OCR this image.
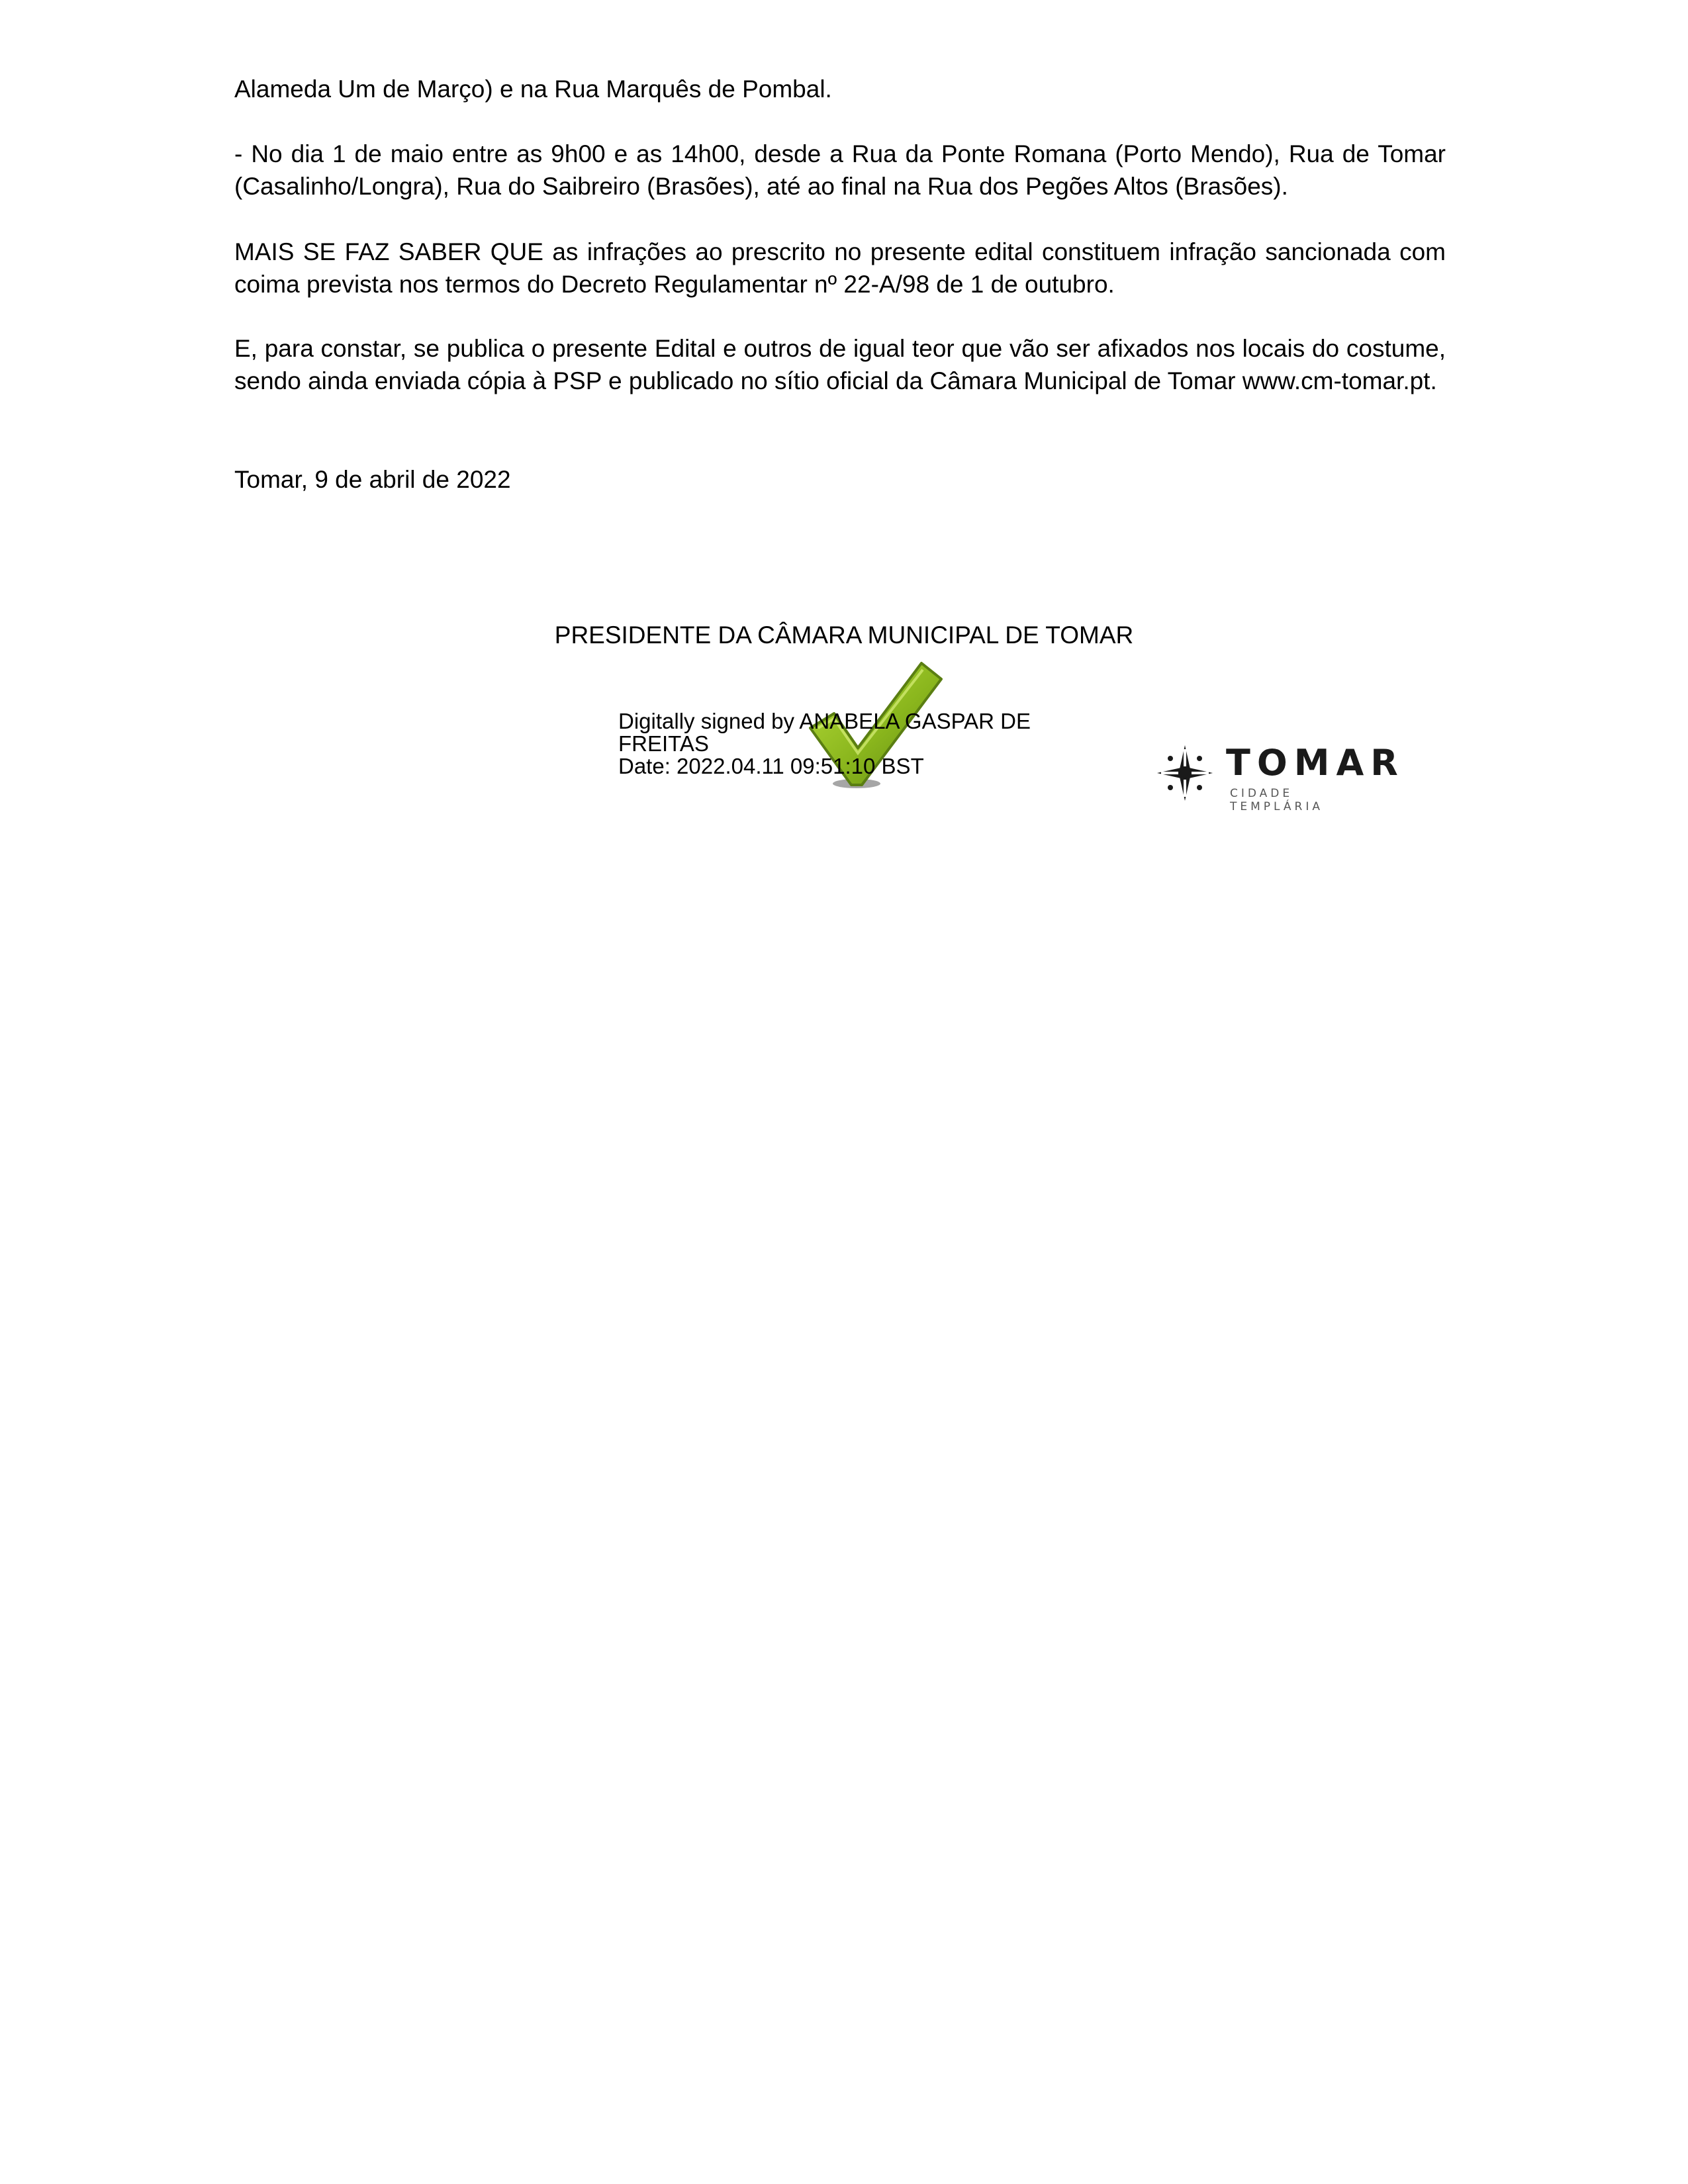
Alameda Um de Março) e na Rua Marquês de Pombal.

- No dia 1 de maio entre as 9h00 e as 14h00, desde a Rua da Ponte Romana (Porto Mendo), Rua de Tomar (Casalinho/Longra), Rua do Saibreiro (Brasões), até ao final na Rua dos Pegões Altos (Brasões).

MAIS SE FAZ SABER QUE as infrações ao prescrito no presente edital constituem infração sancionada com coima prevista nos termos do Decreto Regulamentar nº 22-A/98 de 1 de outubro.

E, para constar, se publica o presente Edital e outros de igual teor que vão ser afixados nos locais do costume, sendo ainda enviada cópia à PSP e publicado no sítio oficial da Câmara Municipal de Tomar www.cm-tomar.pt.

Tomar, 9 de abril de 2022

PRESIDENTE DA CÂMARA MUNICIPAL DE TOMAR

Digitally signed by ANABELA GASPAR DE
FREITAS
Date: 2022.04.11 09:51:10 BST	TOMAR
CIDADE TEMPLÁRIA
